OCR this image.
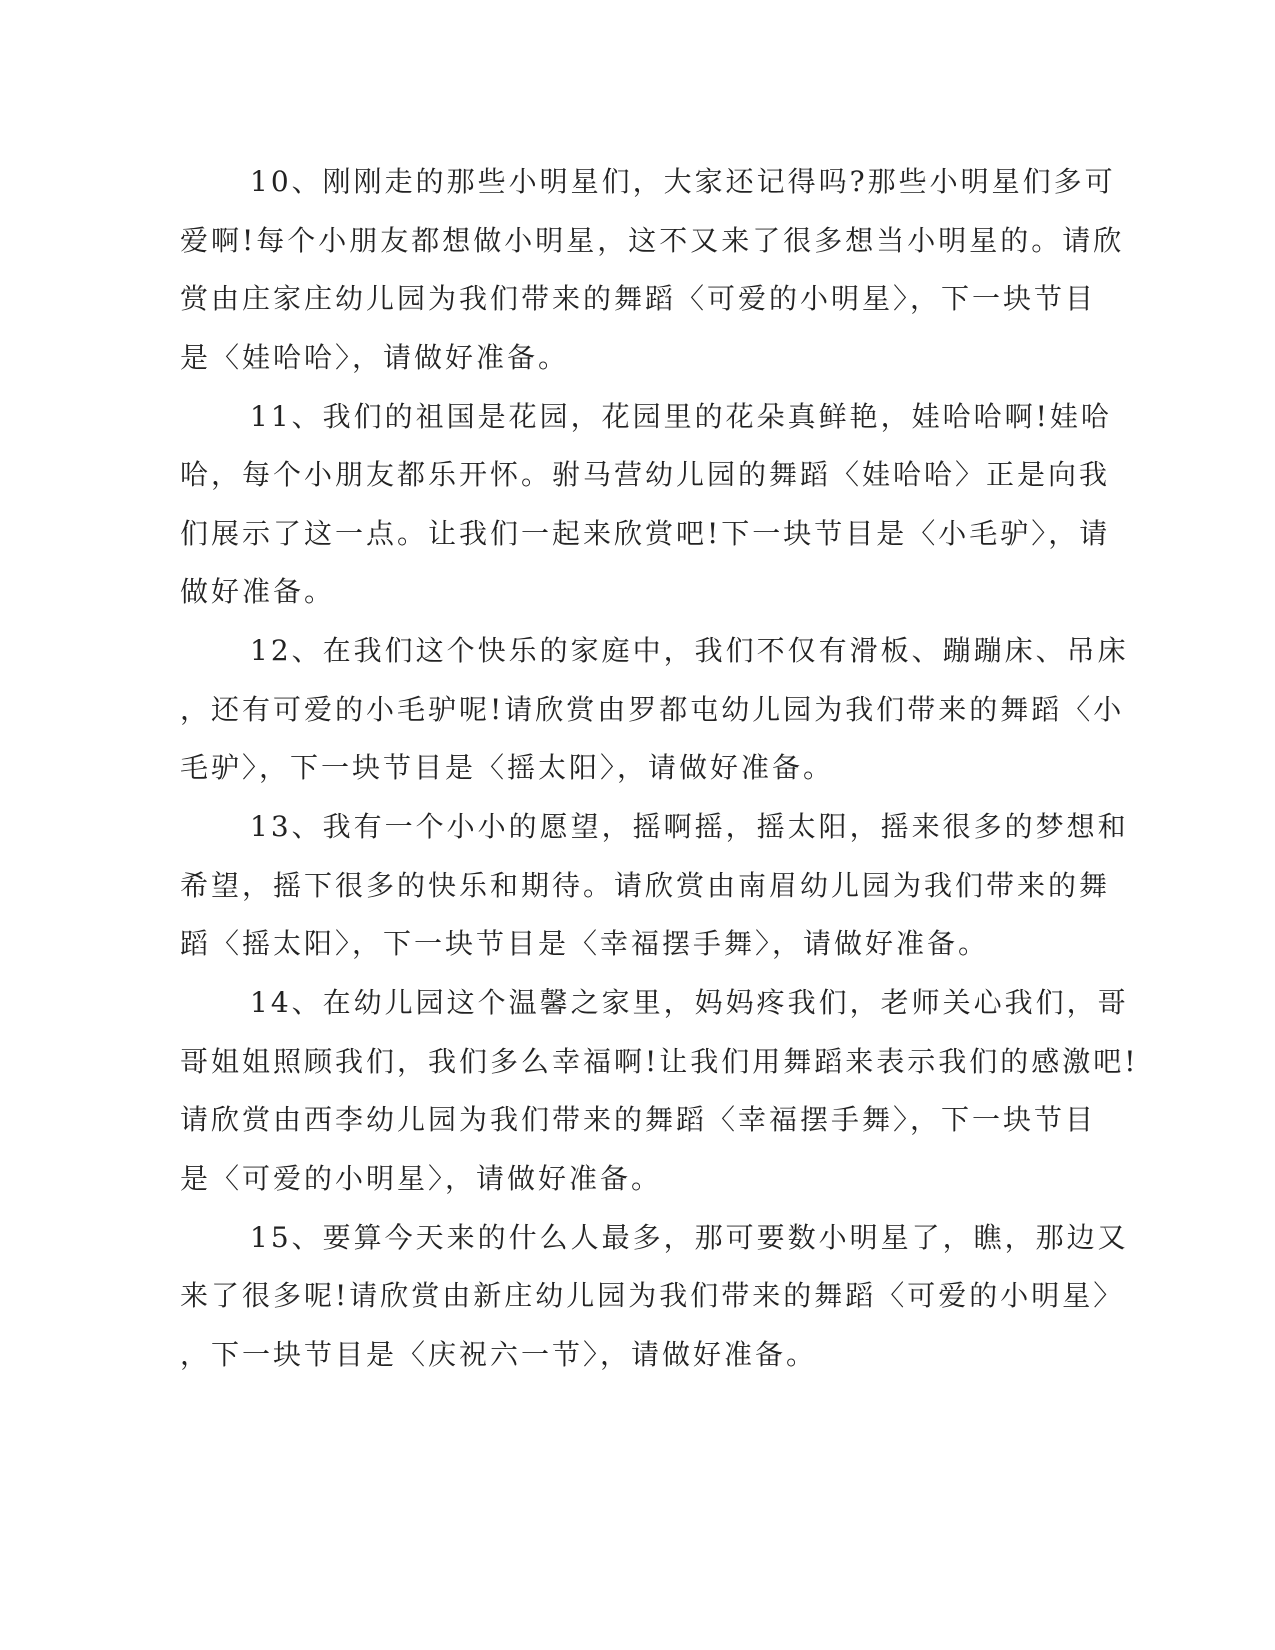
10、刚刚走的那些小明星们，大家还记得吗?那些小明星们多可

爱啊!每个小朋友都想做小明星，这不又来了很多想当小明星的。请欣

赏由庄家庄幼儿园为我们带来的舞蹈〈可爱的小明星〉，下一块节目

是〈娃哈哈〉，请做好准备。

11、我们的祖国是花园，花园里的花朵真鲜艳，娃哈哈啊!娃哈

哈，每个小朋友都乐开怀。驸马营幼儿园的舞蹈〈娃哈哈〉正是向我

们展示了这一点。让我们一起来欣赏吧!下一块节目是〈小毛驴〉，请

做好准备。

12、在我们这个快乐的家庭中，我们不仅有滑板、蹦蹦床、吊床

，还有可爱的小毛驴呢!请欣赏由罗都屯幼儿园为我们带来的舞蹈〈小

毛驴〉，下一块节目是〈摇太阳〉，请做好准备。

13、我有一个小小的愿望，摇啊摇，摇太阳，摇来很多的梦想和

希望，摇下很多的快乐和期待。请欣赏由南眉幼儿园为我们带来的舞

蹈〈摇太阳〉，下一块节目是〈幸福摆手舞〉，请做好准备。

14、在幼儿园这个温馨之家里，妈妈疼我们，老师关心我们，哥

哥姐姐照顾我们，我们多么幸福啊!让我们用舞蹈来表示我们的感激吧!

请欣赏由西李幼儿园为我们带来的舞蹈〈幸福摆手舞〉，下一块节目

是〈可爱的小明星〉，请做好准备。

15、要算今天来的什么人最多，那可要数小明星了，瞧，那边又

来了很多呢!请欣赏由新庄幼儿园为我们带来的舞蹈〈可爱的小明星〉

，下一块节目是〈庆祝六一节〉，请做好准备。
